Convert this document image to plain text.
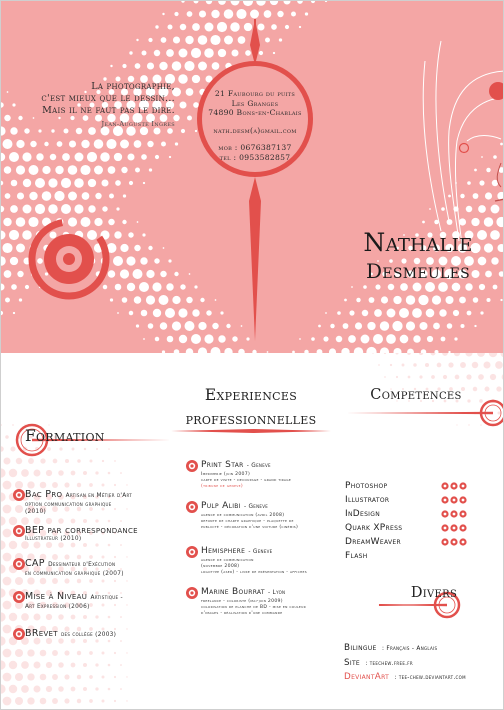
La photographie,
c'est mieux que le dessin...
Mais il ne faut pas le dire.
Jean-Auguste Ingres
21 Faubourg du puits
Les Granges
74890 Bons-en-Chablais
nath.desm(a)gmail.com
mob : 0676387137
tel : 0953582857
Nathalie
Desmeules
Experiences
professionnelles
Competences
Formation
Divers
Bac Pro Artisan en Métier d'Art
option communication graphique
(2010)
BEP par correspondance
Illustrateur (2010)
CAP Dessinateur d'Exécution
en communication graphique (2007)
Mise à Niveau Artistique -
Art Expression (2006)
BRevet des collège (2003)
Print Star - Geneve
Imprimerie (juin 2007)
carte de visite - decoupage - grand tirage
(tribune de geneve)
Pulp Alibi - Geneve
agence de communication (avril 2008)
refonte de charte graphique - plaquette de
publicité - décoration d'une voiture (cinémis)
Hemisphere - Geneve
agence de communication
(novembre 2008)
logotype (aser) - livre de présentation - affiches
Marine Bourrat - Lyon
freelance - coloriste (mai-juin 2009)
colorisation de planche de BD - mise en couleur
d'images - réalisation d'une commande
Photoshop
Illustrator
InDesign
Quark XPress
DreamWeaver
Flash
Bilingue : Français - Anglais
Site : teechew.free.fr
DeviantArt : tee-chew.deviantart.com
